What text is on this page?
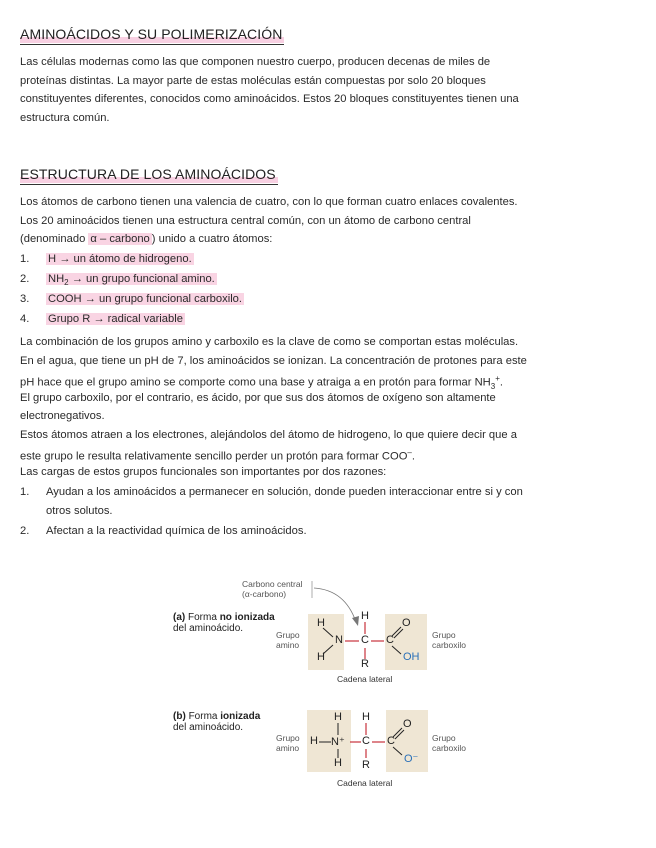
AMINOÁCIDOS Y SU POLIMERIZACIÓN
Las células modernas como las que componen nuestro cuerpo, producen decenas de miles de
proteínas distintas. La mayor parte de estas moléculas están compuestas por solo 20 bloques
constituyentes diferentes, conocidos como aminoácidos. Estos 20 bloques constituyentes tienen una
estructura común.
ESTRUCTURA DE LOS AMINOÁCIDOS
Los átomos de carbono tienen una valencia de cuatro, con lo que forman cuatro enlaces covalentes.
Los 20 aminoácidos tienen una estructura central común, con un átomo de carbono central
(denominado α – carbono ) unido a cuatro átomos:
1. H → un átomo de hidrogeno.
2. $NH_2$ → un grupo funcional amino.
3. COOH → un grupo funcional carboxilo.
4. Grupo R → radical variable
La combinación de los grupos amino y carboxilo es la clave de como se comportan estas moléculas.
En el agua, que tiene un pH de 7, los aminoácidos se ionizan. La concentración de protones para este
pH hace que el grupo amino se comporte como una base y atraiga a en protón para formar $NH_3^+$.
El grupo carboxilo, por el contrario, es ácido, por que sus dos átomos de oxígeno son altamente
electronegativos.
Estos átomos atraen a los electrones, alejándolos del átomo de hidrogeno, lo que quiere decir que a
este grupo le resulta relativamente sencillo perder un protón para formar COO–.
Las cargas de estos grupos funcionales son importantes por dos razones:
1. Ayudan a los aminoácidos a permanecer en solución, donde pueden interaccionar entre si y con
otros solutos.
2. Afectan a la reactividad química de los aminoácidos.
Carbono central
(α-carbono)
(a) Forma no ionizada
del aminoácido.
Grupo
amino
Grupo
carboxilo
H
H
N
H
C
R
C
O
OH
Cadena lateral
(b) Forma ionizada
del aminoácido.
Grupo
amino
Grupo
carboxilo
H
H N⁺
H
H
C
R
C
O
O⁻
Cadena lateral
